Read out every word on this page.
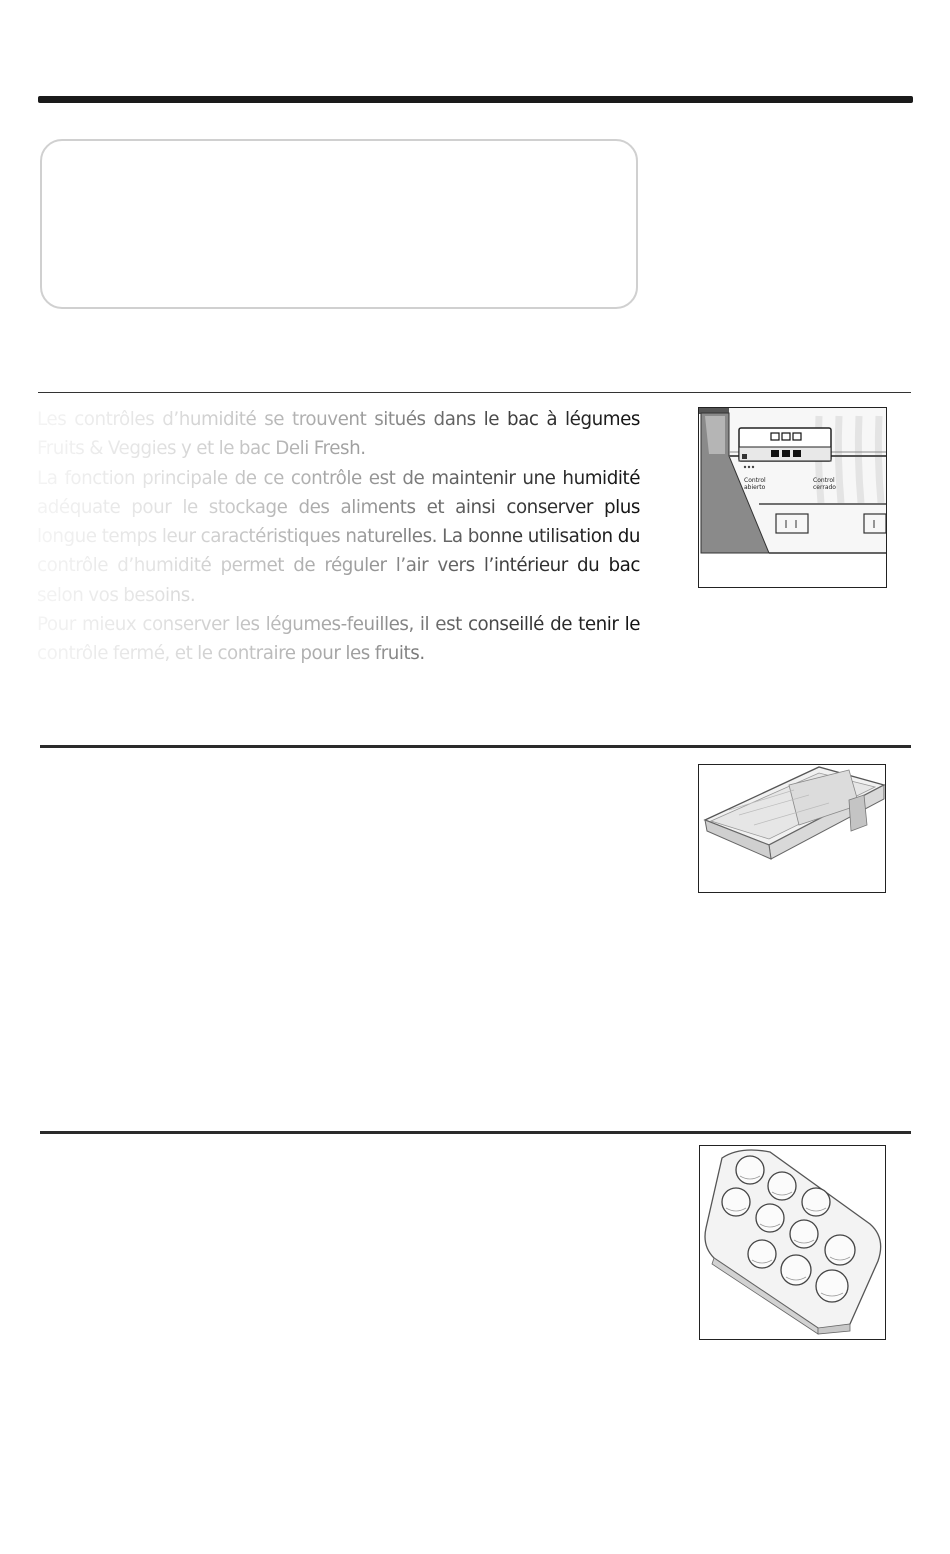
Les contrôles d’humidité se trouvent situés dans le bac à légumes Fruits & Veggies y et le bac Deli Fresh.

La fonction principale de ce contrôle est de maintenir une humidité adéquate pour le stockage des aliments et ainsi conserver plus longue temps leur caractéristiques naturelles. La bonne utilisation du contrôle d’humidité permet de réguler l’air vers l’intérieur du bac selon vos besoins.

Pour mieux conserver les légumes-feuilles, il est conseillé de tenir le contrôle fermé, et le contraire pour les fruits.

Control
abierto
Control
cerrado
